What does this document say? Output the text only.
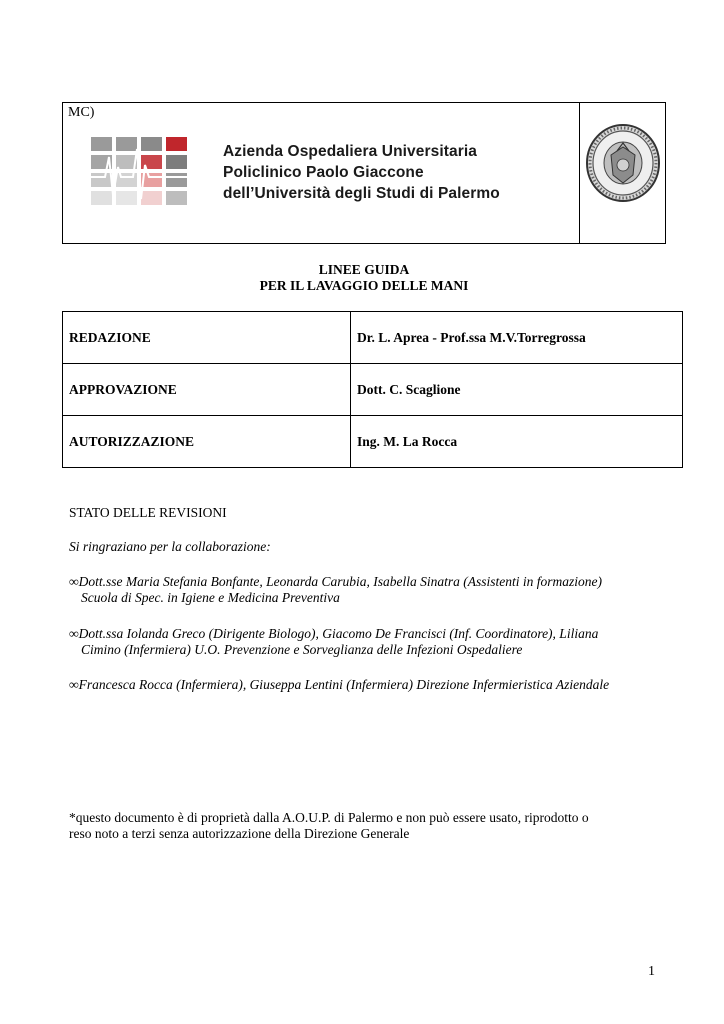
MC)
Azienda Ospedaliera Universitaria
Policlinico Paolo Giaccone
dell’Università degli Studi di Palermo
LINEE GUIDA
PER IL LAVAGGIO DELLE MANI
REDAZIONE	Dr. L. Aprea - Prof.ssa M.V.Torregrossa
APPROVAZIONE	Dott. C. Scaglione
AUTORIZZAZIONE	Ing. M. La Rocca
STATO DELLE REVISIONI
Si ringraziano per la collaborazione:
∞Dott.sse Maria Stefania Bonfante, Leonarda Carubia, Isabella Sinatra (Assistenti in formazione)
Scuola di Spec. in Igiene e Medicina Preventiva
∞Dott.ssa Iolanda Greco (Dirigente Biologo), Giacomo De Francisci (Inf. Coordinatore), Liliana
Cimino (Infermiera) U.O. Prevenzione e Sorveglianza delle Infezioni Ospedaliere
∞Francesca Rocca (Infermiera), Giuseppa Lentini (Infermiera) Direzione Infermieristica Aziendale
*questo documento è di proprietà dalla A.O.U.P. di Palermo e non può essere usato, riprodotto o
reso noto a terzi senza autorizzazione della Direzione Generale
1
